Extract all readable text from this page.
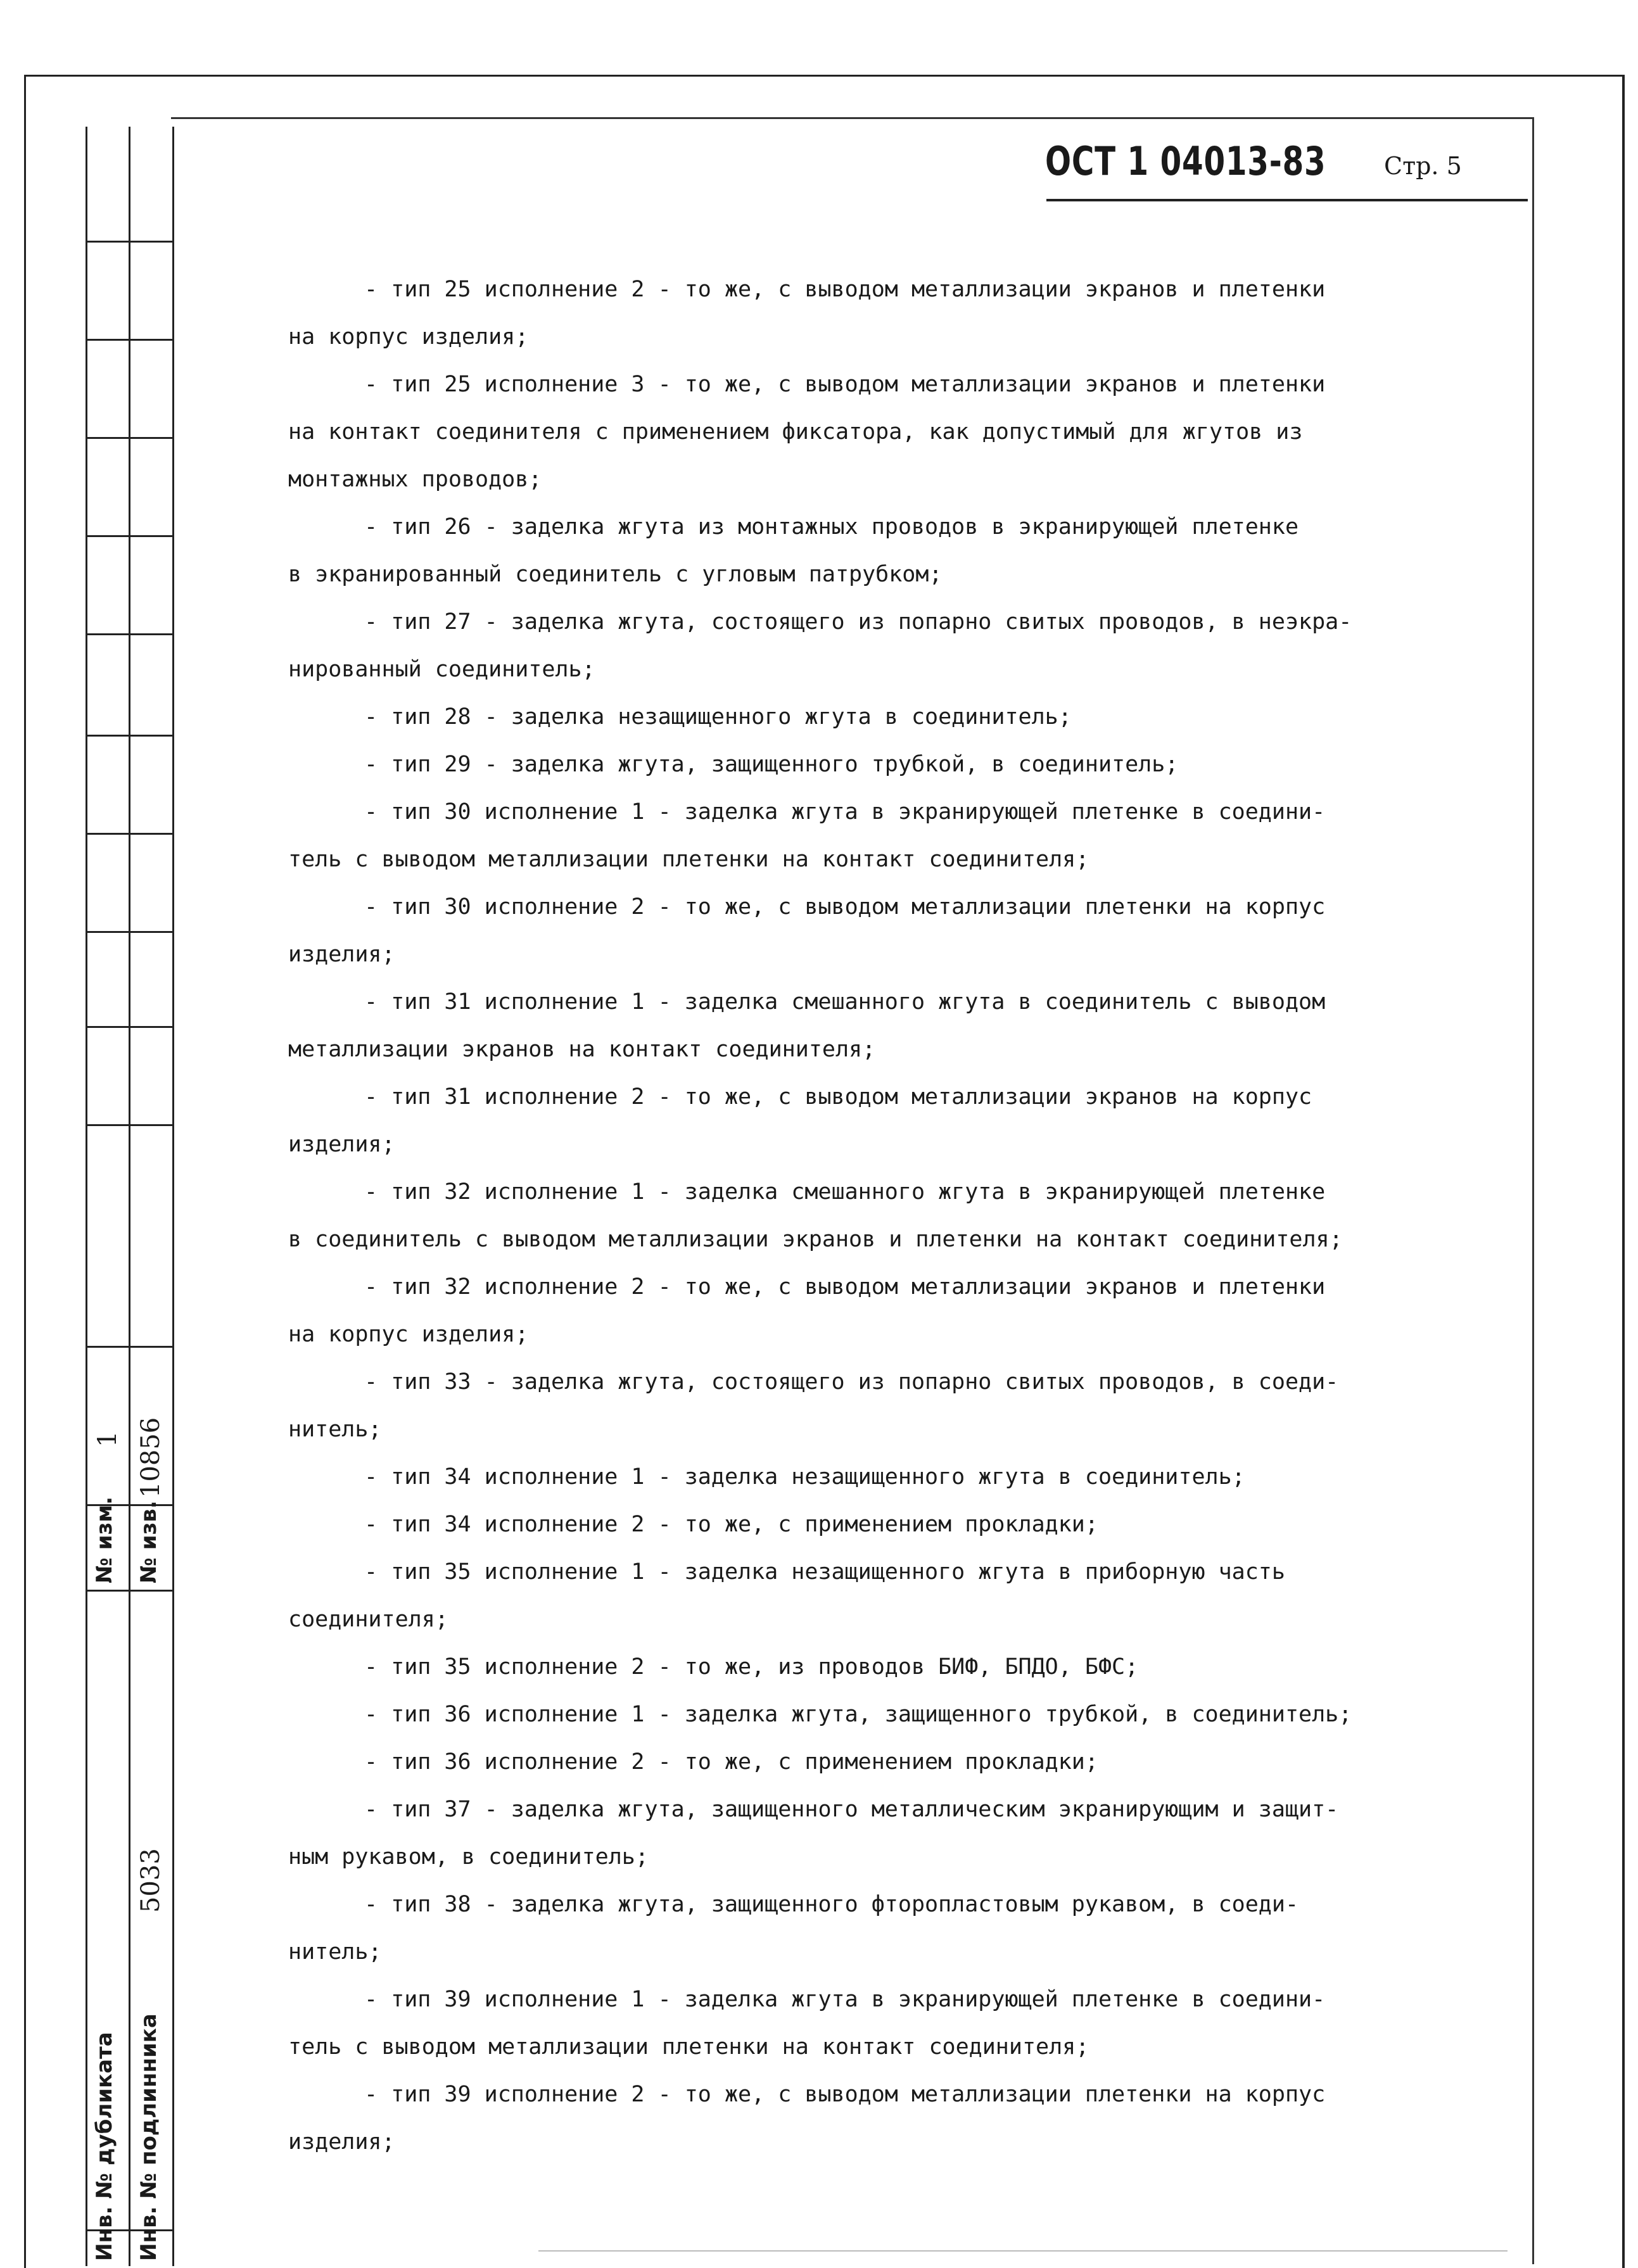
№ изм.
1
№ изв.
10856
Инв. № дубликата Инв. № подлинника
5033
ОСТ 1 04013-83 Стр. 5
- тип 25 исполнение 2 - то же, с выводом металлизации экранов и плетенки
на корпус изделия;
- тип 25 исполнение 3 - то же, с выводом металлизации экранов и плетенки
на контакт соединителя с применением фиксатора, как допустимый для жгутов из
монтажных проводов;
- тип 26 - заделка жгута из монтажных проводов в экранирующей плетенке
в экранированный соединитель с угловым патрубком;
- тип 27 - заделка жгута, состоящего из попарно свитых проводов, в неэкра-
нированный соединитель;
- тип 28 - заделка незащищенного жгута в соединитель;
- тип 29 - заделка жгута, защищенного трубкой, в соединитель;
- тип 30 исполнение 1 - заделка жгута в экранирующей плетенке в соедини-
тель с выводом металлизации плетенки на контакт соединителя;
- тип 30 исполнение 2 - то же, с выводом металлизации плетенки на корпус
изделия;
- тип 31 исполнение 1 - заделка смешанного жгута в соединитель с выводом
металлизации экранов на контакт соединителя;
- тип 31 исполнение 2 - то же, с выводом металлизации экранов на корпус
изделия;
- тип 32 исполнение 1 - заделка смешанного жгута в экранирующей плетенке
в соединитель с выводом металлизации экранов и плетенки на контакт соединителя;
- тип 32 исполнение 2 - то же, с выводом металлизации экранов и плетенки
на корпус изделия;
- тип 33 - заделка жгута, состоящего из попарно свитых проводов, в соеди-
нитель;
- тип 34 исполнение 1 - заделка незащищенного жгута в соединитель;
- тип 34 исполнение 2 - то же, с применением прокладки;
- тип 35 исполнение 1 - заделка незащищенного жгута в приборную часть
соединителя;
- тип 35 исполнение 2 - то же, из проводов БИФ, БПДО, БФС;
- тип 36 исполнение 1 - заделка жгута, защищенного трубкой, в соединитель;
- тип 36 исполнение 2 - то же, с применением прокладки;
- тип 37 - заделка жгута, защищенного металлическим экранирующим и защит-
ным рукавом, в соединитель;
- тип 38 - заделка жгута, защищенного фторопластовым рукавом, в соеди-
нитель;
- тип 39 исполнение 1 - заделка жгута в экранирующей плетенке в соедини-
тель с выводом металлизации плетенки на контакт соединителя;
- тип 39 исполнение 2 - то же, с выводом металлизации плетенки на корпус
изделия;
